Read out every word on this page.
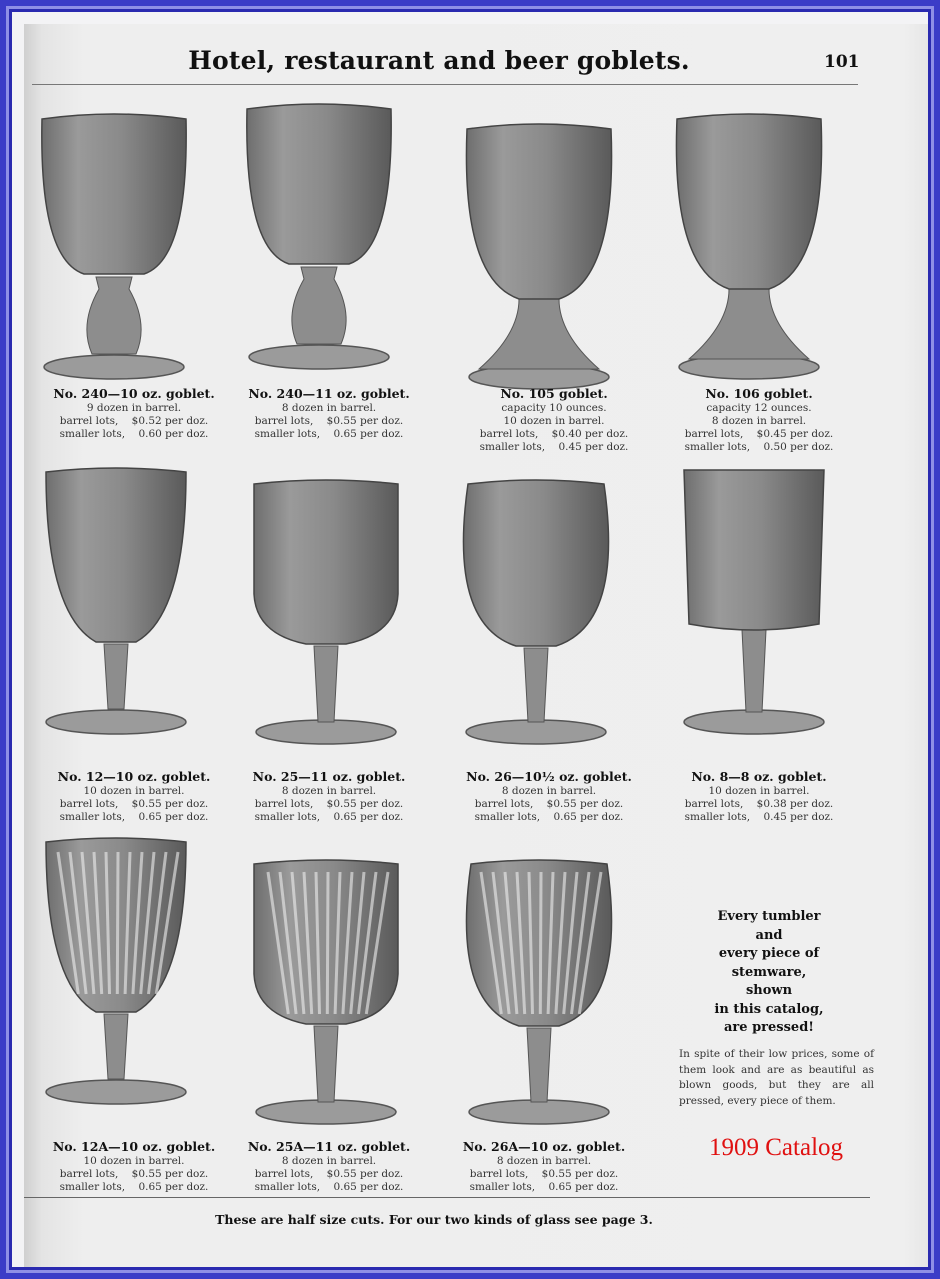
Hotel, restaurant and beer goblets.	101
No. 240—10 oz. goblet.
9 dozen in barrel.
barrel lots,    $0.52 per doz.
smaller lots,    0.60 per doz.
No. 240—11 oz. goblet.
8 dozen in barrel.
barrel lots,    $0.55 per doz.
smaller lots,    0.65 per doz.
No. 105 goblet.
capacity 10 ounces.
10 dozen in barrel.
barrel lots,    $0.40 per doz.
smaller lots,    0.45 per doz.
No. 106 goblet.
capacity 12 ounces.
8 dozen in barrel.
barrel lots,    $0.45 per doz.
smaller lots,    0.50 per doz.
No. 12—10 oz. goblet.
10 dozen in barrel.
barrel lots,    $0.55 per doz.
smaller lots,    0.65 per doz.
No. 25—11 oz. goblet.
8 dozen in barrel.
barrel lots,    $0.55 per doz.
smaller lots,    0.65 per doz.
No. 26—10½ oz. goblet.
8 dozen in barrel.
barrel lots,    $0.55 per doz.
smaller lots,    0.65 per doz.
No. 8—8 oz. goblet.
10 dozen in barrel.
barrel lots,    $0.38 per doz.
smaller lots,    0.45 per doz.
No. 12A—10 oz. goblet.
10 dozen in barrel.
barrel lots,    $0.55 per doz.
smaller lots,    0.65 per doz.
No. 25A—11 oz. goblet.
8 dozen in barrel.
barrel lots,    $0.55 per doz.
smaller lots,    0.65 per doz.
No. 26A—10 oz. goblet.
8 dozen in barrel.
barrel lots,    $0.55 per doz.
smaller lots,    0.65 per doz.
Every tumbler
and
every piece of
stemware,
shown
in this catalog,
are pressed!
In spite of their low prices, some of them look and are as beautiful as blown goods, but they are all pressed, every piece of them.
1909 Catalog
These are half size cuts. For our two kinds of glass see page 3.
